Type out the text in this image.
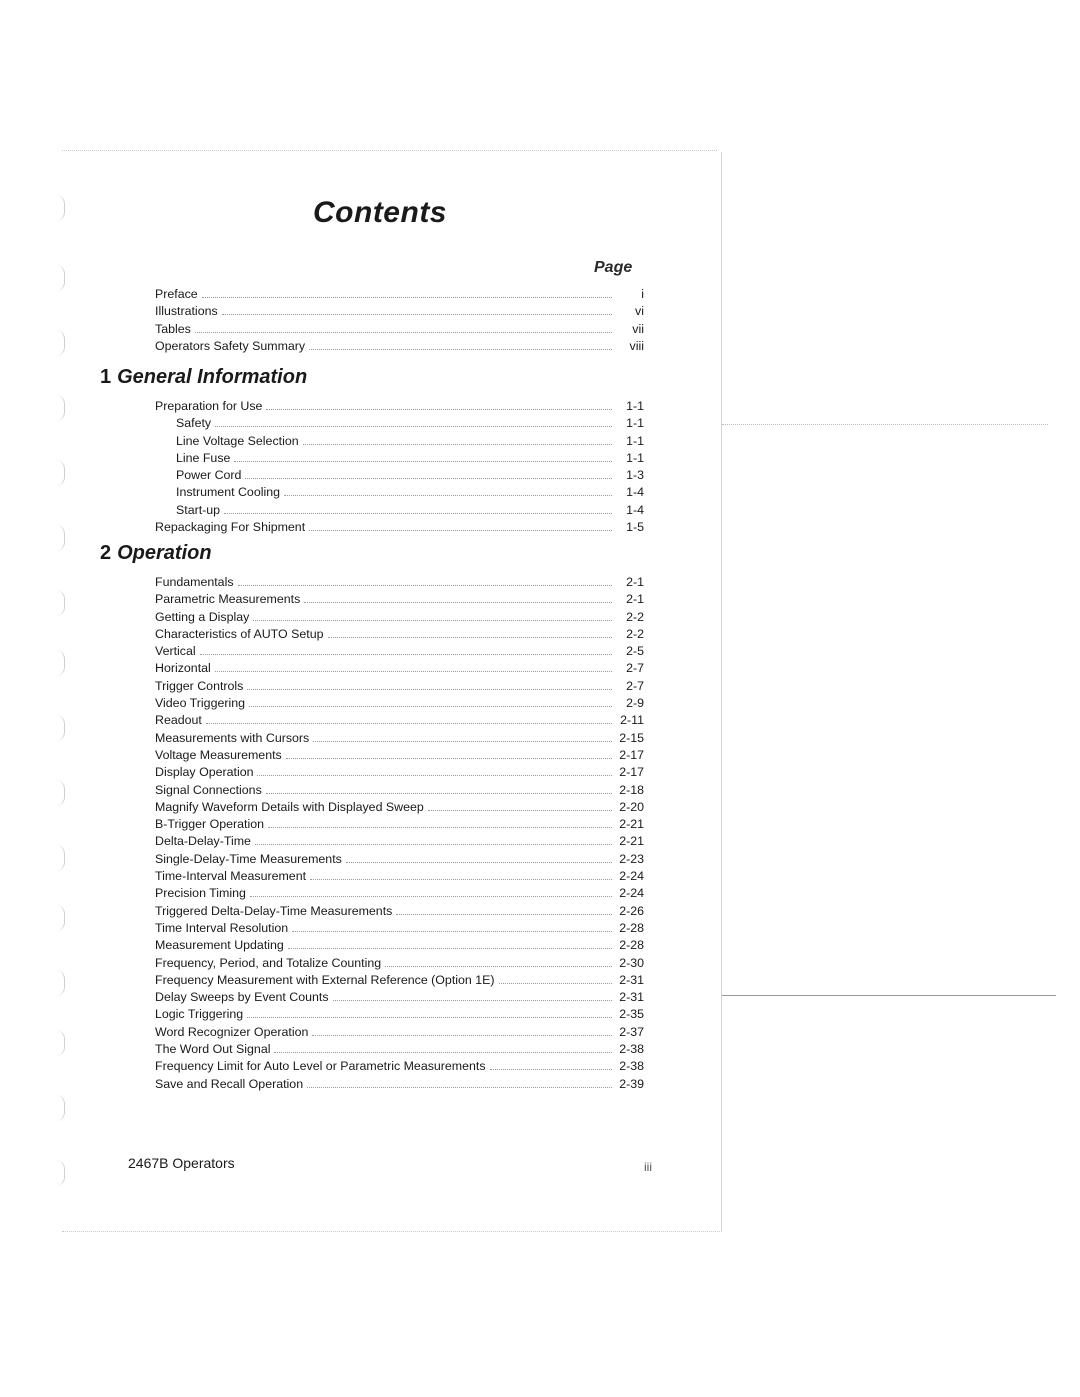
Contents
Page
Preface	i
Illustrations	vi
Tables	vii
Operators Safety Summary	viii
1 General Information
Preparation for Use	1-1
Safety	1-1
Line Voltage Selection	1-1
Line Fuse	1-1
Power Cord	1-3
Instrument Cooling	1-4
Start-up	1-4
Repackaging For Shipment	1-5
2 Operation
Fundamentals	2-1
Parametric Measurements	2-1
Getting a Display	2-2
Characteristics of AUTO Setup	2-2
Vertical	2-5
Horizontal	2-7
Trigger Controls	2-7
Video Triggering	2-9
Readout	2-11
Measurements with Cursors	2-15
Voltage Measurements	2-17
Display Operation	2-17
Signal Connections	2-18
Magnify Waveform Details with Displayed Sweep	2-20
B-Trigger Operation	2-21
Delta-Delay-Time	2-21
Single-Delay-Time Measurements	2-23
Time-Interval Measurement	2-24
Precision Timing	2-24
Triggered Delta-Delay-Time Measurements	2-26
Time Interval Resolution	2-28
Measurement Updating	2-28
Frequency, Period, and Totalize Counting	2-30
Frequency Measurement with External Reference (Option 1E)	2-31
Delay Sweeps by Event Counts	2-31
Logic Triggering	2-35
Word Recognizer Operation	2-37
The Word Out Signal	2-38
Frequency Limit for Auto Level or Parametric Measurements	2-38
Save and Recall Operation	2-39
2467B Operators	iii
